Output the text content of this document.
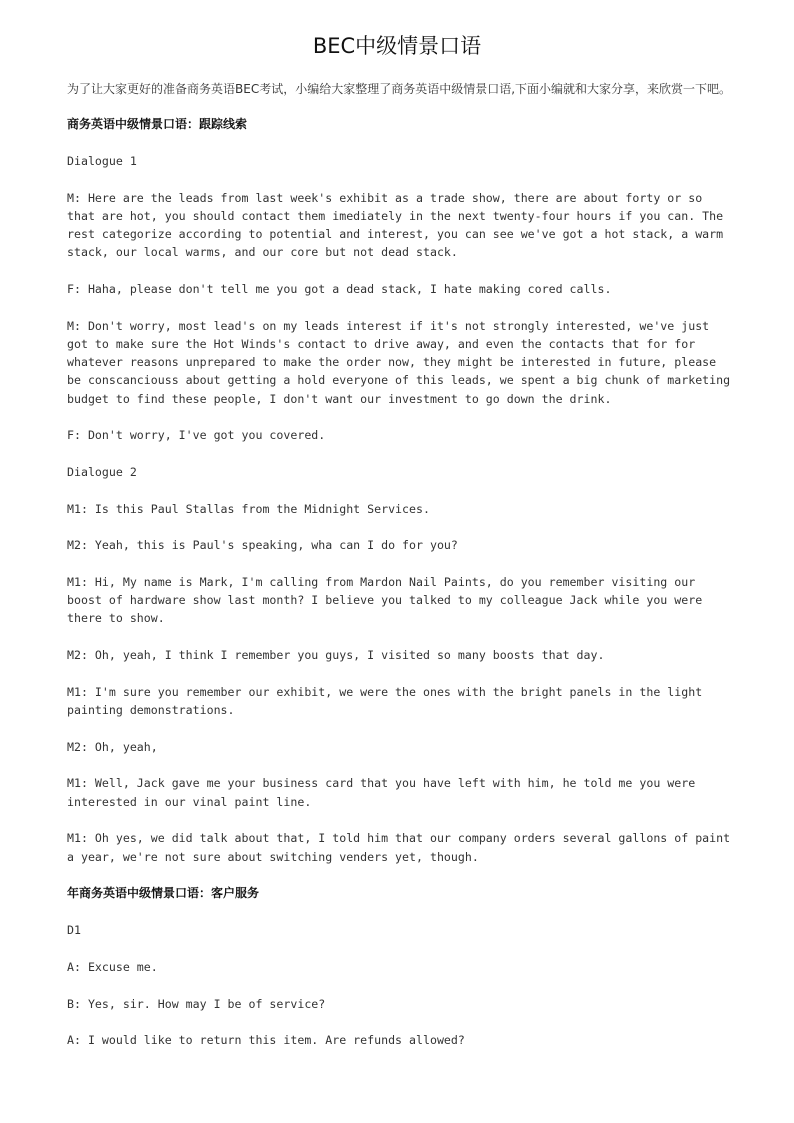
BEC中级情景口语

为了让大家更好的准备商务英语BEC考试，小编给大家整理了商务英语中级情景口语,下面小编就和大家分享，来欣赏一下吧。

商务英语中级情景口语：跟踪线索

Dialogue 1

M: Here are the leads from last week's exhibit as a trade show, there are about forty or so that are hot, you should contact them imediately in the next twenty-four hours if you can. The rest categorize according to potential and interest, you can see we've got a hot stack, a warm stack, our local warms, and our core but not dead stack.

F: Haha, please don't tell me you got a dead stack, I hate making cored calls.

M: Don't worry, most lead's on my leads interest if it's not strongly interested, we've just got to make sure the Hot Winds's contact to drive away, and even the contacts that for for whatever reasons unprepared to make the order now, they might be interested in future, please be conscanciouss about getting a hold everyone of this leads, we spent a big chunk of marketing budget to find these people, I don't want our investment to go down the drink.

F: Don't worry, I've got you covered.

Dialogue 2

M1: Is this Paul Stallas from the Midnight Services.

M2: Yeah, this is Paul's speaking, wha can I do for you?

M1: Hi, My name is Mark, I'm calling from Mardon Nail Paints, do you remember visiting our boost of hardware show last month? I believe you talked to my colleague Jack while you were there to show.

M2: Oh, yeah, I think I remember you guys, I visited so many boosts that day.

M1: I'm sure you remember our exhibit, we were the ones with the bright panels in the light painting demonstrations.

M2: Oh, yeah,

M1: Well, Jack gave me your business card that you have left with him, he told me you were interested in our vinal paint line.

M1: Oh yes, we did talk about that, I told him that our company orders several gallons of paint a year, we're not sure about switching venders yet, though.

年商务英语中级情景口语：客户服务

D1

A: Excuse me.

B: Yes, sir. How may I be of service?

A: I would like to return this item. Are refunds allowed?
